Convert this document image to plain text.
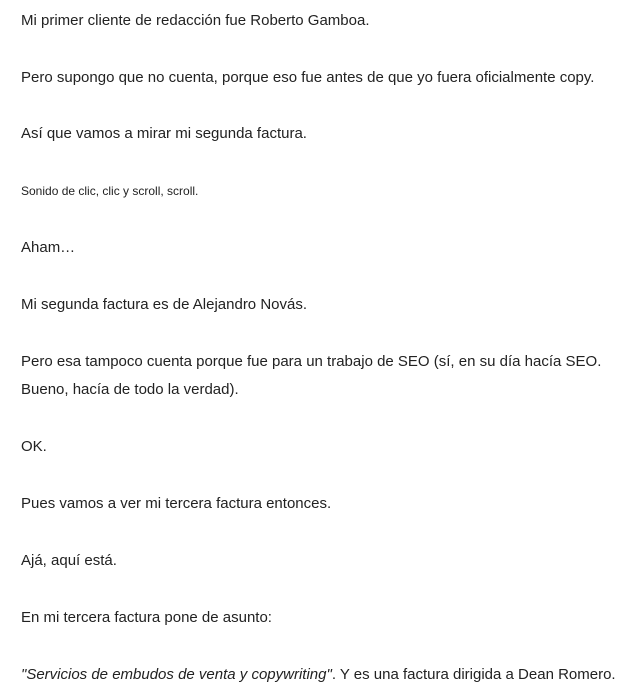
Mi primer cliente de redacción fue Roberto Gamboa.

Pero supongo que no cuenta, porque eso fue antes de que yo fuera oficialmente copy.

Así que vamos a mirar mi segunda factura.

Sonido de clic, clic y scroll, scroll.

Aham…

Mi segunda factura es de Alejandro Novás.

Pero esa tampoco cuenta porque fue para un trabajo de SEO (sí, en su día hacía SEO.

Bueno, hacía de todo la verdad).

OK.

Pues vamos a ver mi tercera factura entonces.

Ajá, aquí está.

En mi tercera factura pone de asunto:

"Servicios de embudos de venta y copywriting". Y es una factura dirigida a Dean Romero.
